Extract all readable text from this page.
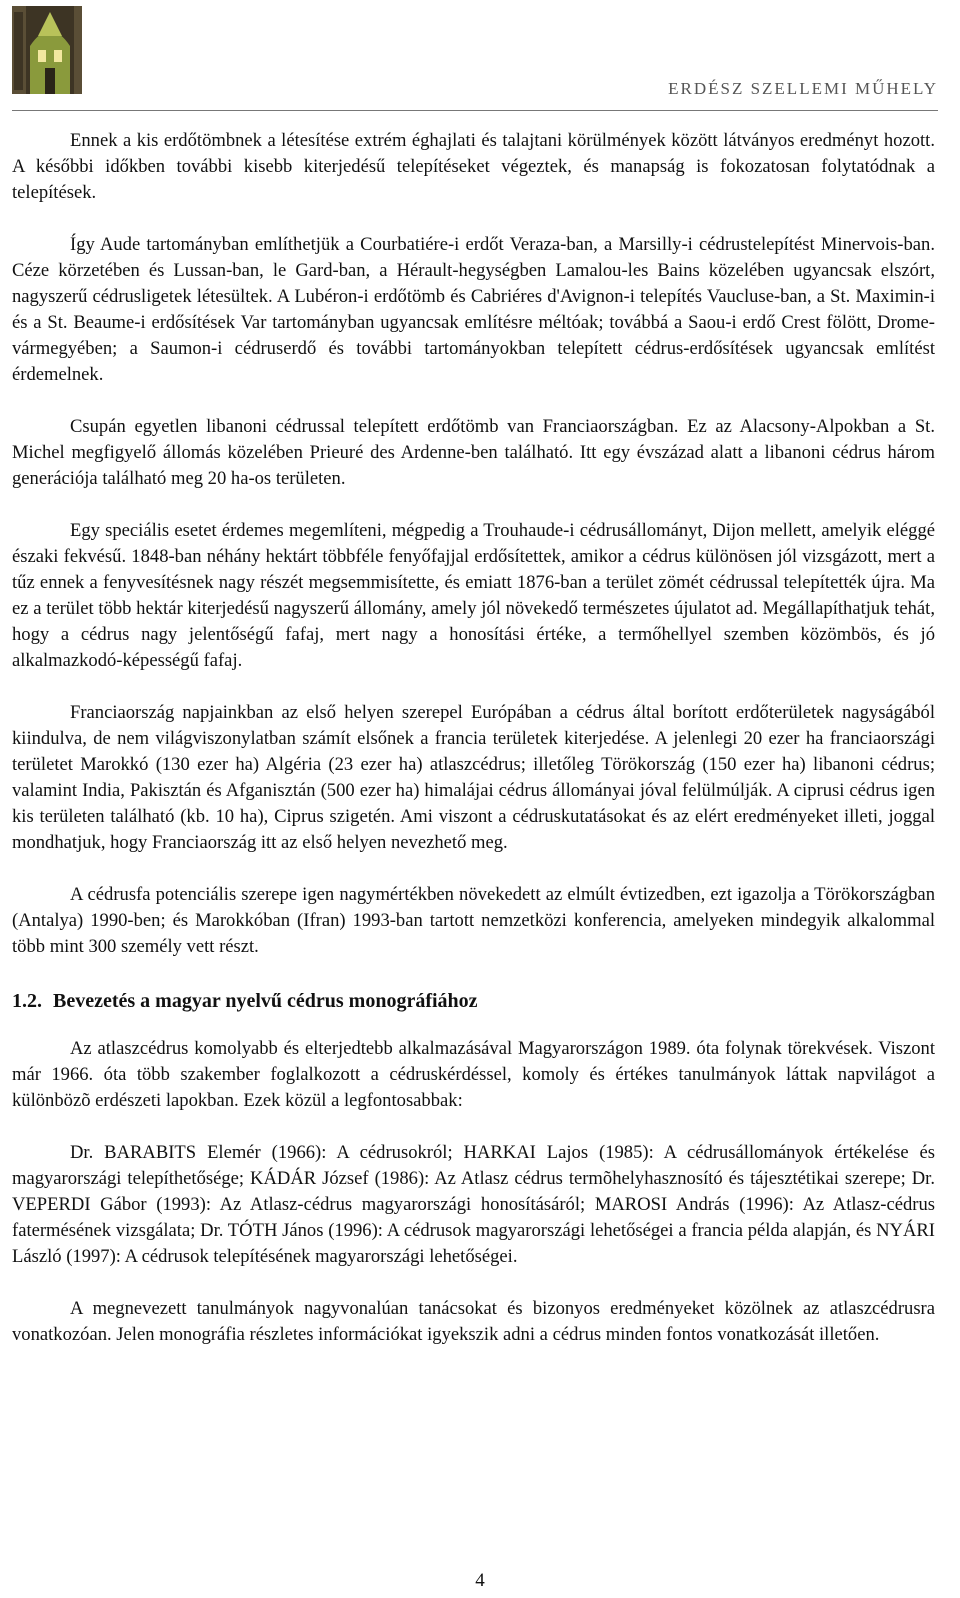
ERDÉSZ SZELLEMI MŰHELY

Ennek a kis erdőtömbnek a létesítése extrém éghajlati és talajtani körülmények között látványos eredményt hozott. A későbbi időkben további kisebb kiterjedésű telepítéseket végeztek, és manapság is fokozatosan folytatódnak a telepítések.

Így Aude tartományban említhetjük a Courbatiére-i erdőt Veraza-ban, a Marsilly-i cédrustelepítést Minervois-ban. Céze körzetében és Lussan-ban, le Gard-ban, a Hérault-hegységben Lamalou-les Bains közelében ugyancsak elszórt, nagyszerű cédrusligetek létesültek. A Lubéron-i erdőtömb és Cabriéres d'Avignon-i telepítés Vaucluse-ban, a St. Maximin-i és a St. Beaume-i erdősítések Var tartományban ugyancsak említésre méltóak; továbbá a Saou-i erdő Crest fölött, Drome-vármegyében; a Saumon-i cédruserdő és további tartományokban telepített cédrus-erdősítések ugyancsak említést érdemelnek.

Csupán egyetlen libanoni cédrussal telepített erdőtömb van Franciaországban. Ez az Alacsony-Alpokban a St. Michel megfigyelő állomás közelében Prieuré des Ardenne-ben található. Itt egy évszázad alatt a libanoni cédrus három generációja található meg 20 ha-os területen.

Egy speciális esetet érdemes megemlíteni, mégpedig a Trouhaude-i cédrusállományt, Dijon mellett, amelyik eléggé északi fekvésű. 1848-ban néhány hektárt többféle fenyőfajjal erdősítettek, amikor a cédrus különösen jól vizsgázott, mert a tűz ennek a fenyvesítésnek nagy részét megsemmisítette, és emiatt 1876-ban a terület zömét cédrussal telepítették újra. Ma ez a terület több hektár kiterjedésű nagyszerű állomány, amely jól növekedő természetes újulatot ad. Megállapíthatjuk tehát, hogy a cédrus nagy jelentőségű fafaj, mert nagy a honosítási értéke, a termőhellyel szemben közömbös, és jó alkalmazkodó-képességű fafaj.

Franciaország napjainkban az első helyen szerepel Európában a cédrus által borított erdőterületek nagyságából kiindulva, de nem világviszonylatban számít elsőnek a francia területek kiterjedése. A jelenlegi 20 ezer ha franciaországi területet Marokkó (130 ezer ha) Algéria (23 ezer ha) atlaszcédrus; illetőleg Törökország (150 ezer ha) libanoni cédrus; valamint India, Pakisztán és Afganisztán (500 ezer ha) himalájai cédrus állományai jóval felülmúlják. A ciprusi cédrus igen kis területen található (kb. 10 ha), Ciprus szigetén. Ami viszont a cédruskutatásokat és az elért eredményeket illeti, joggal mondhatjuk, hogy Franciaország itt az első helyen nevezhető meg.

A cédrusfa potenciális szerepe igen nagymértékben növekedett az elmúlt évtizedben, ezt igazolja a Törökországban (Antalya) 1990-ben; és Marokkóban (Ifran) 1993-ban tartott nemzetközi konferencia, amelyeken mindegyik alkalommal több mint 300 személy vett részt.

1.2. Bevezetés a magyar nyelvű cédrus monográfiához

Az atlaszcédrus komolyabb és elterjedtebb alkalmazásával Magyarországon 1989. óta folynak törekvések. Viszont már 1966. óta több szakember foglalkozott a cédruskérdéssel, komoly és értékes tanulmányok láttak napvilágot a különbözõ erdészeti lapokban. Ezek közül a legfontosabbak:

Dr. BARABITS Elemér (1966): A cédrusokról; HARKAI Lajos (1985): A cédrusállományok értékelése és magyarországi telepíthetősége; KÁDÁR József (1986): Az Atlasz cédrus termõhelyhasznosító és tájesztétikai szerepe; Dr. VEPERDI Gábor (1993): Az Atlasz-cédrus magyarországi honosításáról; MAROSI András (1996): Az Atlasz-cédrus fatermésének vizsgálata; Dr. TÓTH János (1996): A cédrusok magyarországi lehetőségei a francia példa alapján, és NYÁRI László (1997): A cédrusok telepítésének magyarországi lehetőségei.

A megnevezett tanulmányok nagyvonalúan tanácsokat és bizonyos eredményeket közölnek az atlaszcédrusra vonatkozóan. Jelen monográfia részletes információkat igyekszik adni a cédrus minden fontos vonatkozását illetően.

4
